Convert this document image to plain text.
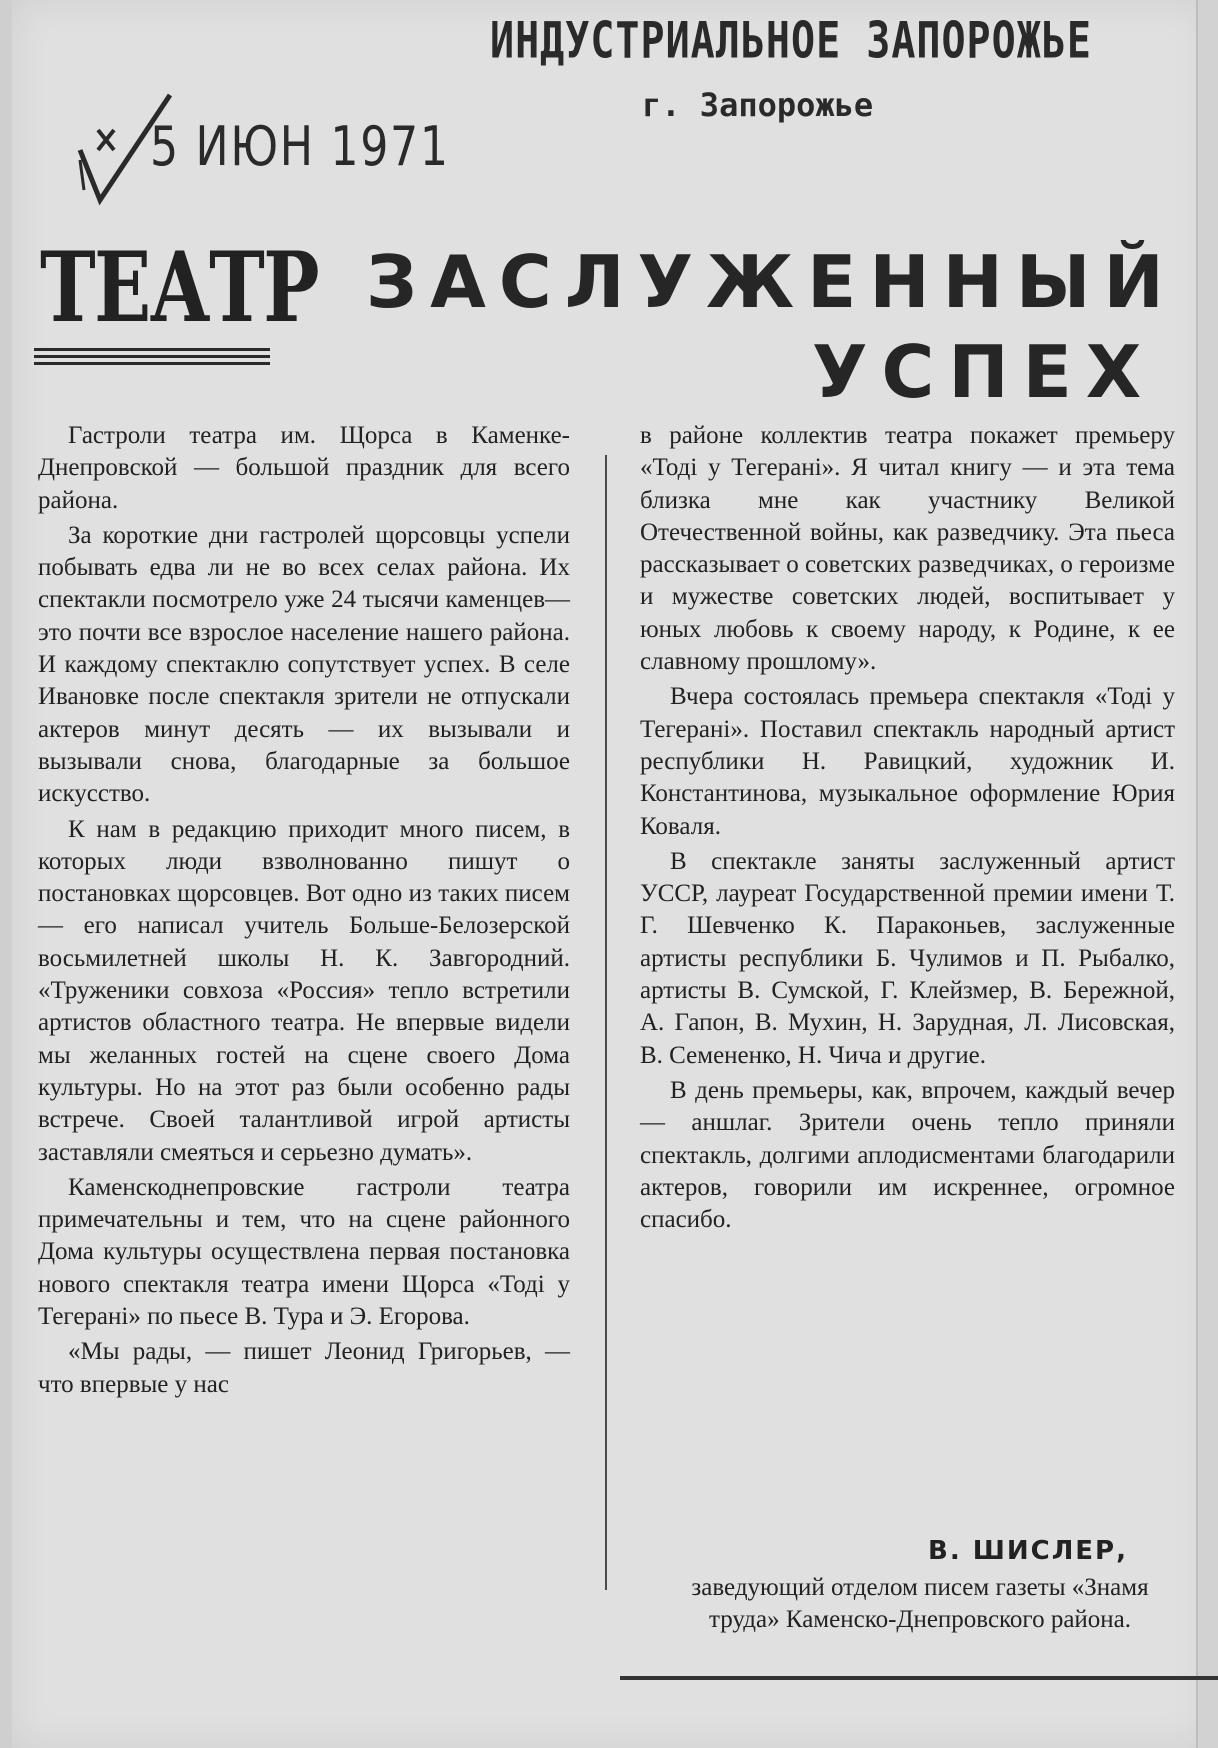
ИНДУСТРИАЛЬНОЕ ЗАПОРОЖЬЕ
г. Запорожье
5 ИЮН 1971
ТЕАТР ЗАСЛУЖЕННЫЙ
УСПЕХ

Гастроли театра им. Щорса в Каменке-Днепровской — большой праздник для всего района.

За короткие дни гастролей щорсовцы успели побывать едва ли не во всех селах района. Их спектакли посмотрело уже 24 тысячи каменцев—это почти все взрослое население нашего района. И каждому спектаклю сопутствует успех. В селе Ивановке после спектакля зрители не отпускали актеров минут десять — их вызывали и вызывали снова, благодарные за большое искусство.

К нам в редакцию приходит много писем, в которых люди взволнованно пишут о постановках щорсовцев. Вот одно из таких писем — его написал учитель Больше-Белозерской восьмилетней школы Н. К. Завгородний. «Труженики совхоза «Россия» тепло встретили артистов областного театра. Не впервые видели мы желанных гостей на сцене своего Дома культуры. Но на этот раз были особенно рады встрече. Своей талантливой игрой артисты заставляли смеяться и серьезно думать».

Каменскоднепровские гастроли театра примечательны и тем, что на сцене районного Дома культуры осуществлена первая постановка нового спектакля театра имени Щорса «Тоді у Тегерані» по пьесе В. Тура и Э. Егорова.

«Мы рады, — пишет Леонид Григорьев, — что впервые у нас

в районе коллектив театра покажет премьеру «Тоді у Тегерані». Я читал книгу — и эта тема близка мне как участнику Великой Отечественной войны, как разведчику. Эта пьеса рассказывает о советских разведчиках, о героизме и мужестве советских людей, воспитывает у юных любовь к своему народу, к Родине, к ее славному прошлому».

Вчера состоялась премьера спектакля «Тоді у Тегерані». Поставил спектакль народный артист республики Н. Равицкий, художник И. Константинова, музыкальное оформление Юрия Коваля.

В спектакле заняты заслуженный артист УССР, лауреат Государственной премии имени Т. Г. Шевченко К. Параконьев, заслуженные артисты республики Б. Чулимов и П. Рыбалко, артисты В. Сумской, Г. Клейзмер, В. Бережной, А. Гапон, В. Мухин, Н. Зарудная, Л. Лисовская, В. Семененко, Н. Чича и другие.

В день премьеры, как, впрочем, каждый вечер — аншлаг. Зрители очень тепло приняли спектакль, долгими аплодисментами благодарили актеров, говорили им искреннее, огромное спасибо.

В. ШИСЛЕР,
заведующий отделом писем газеты «Знамя труда» Каменско-Днепровского района.
